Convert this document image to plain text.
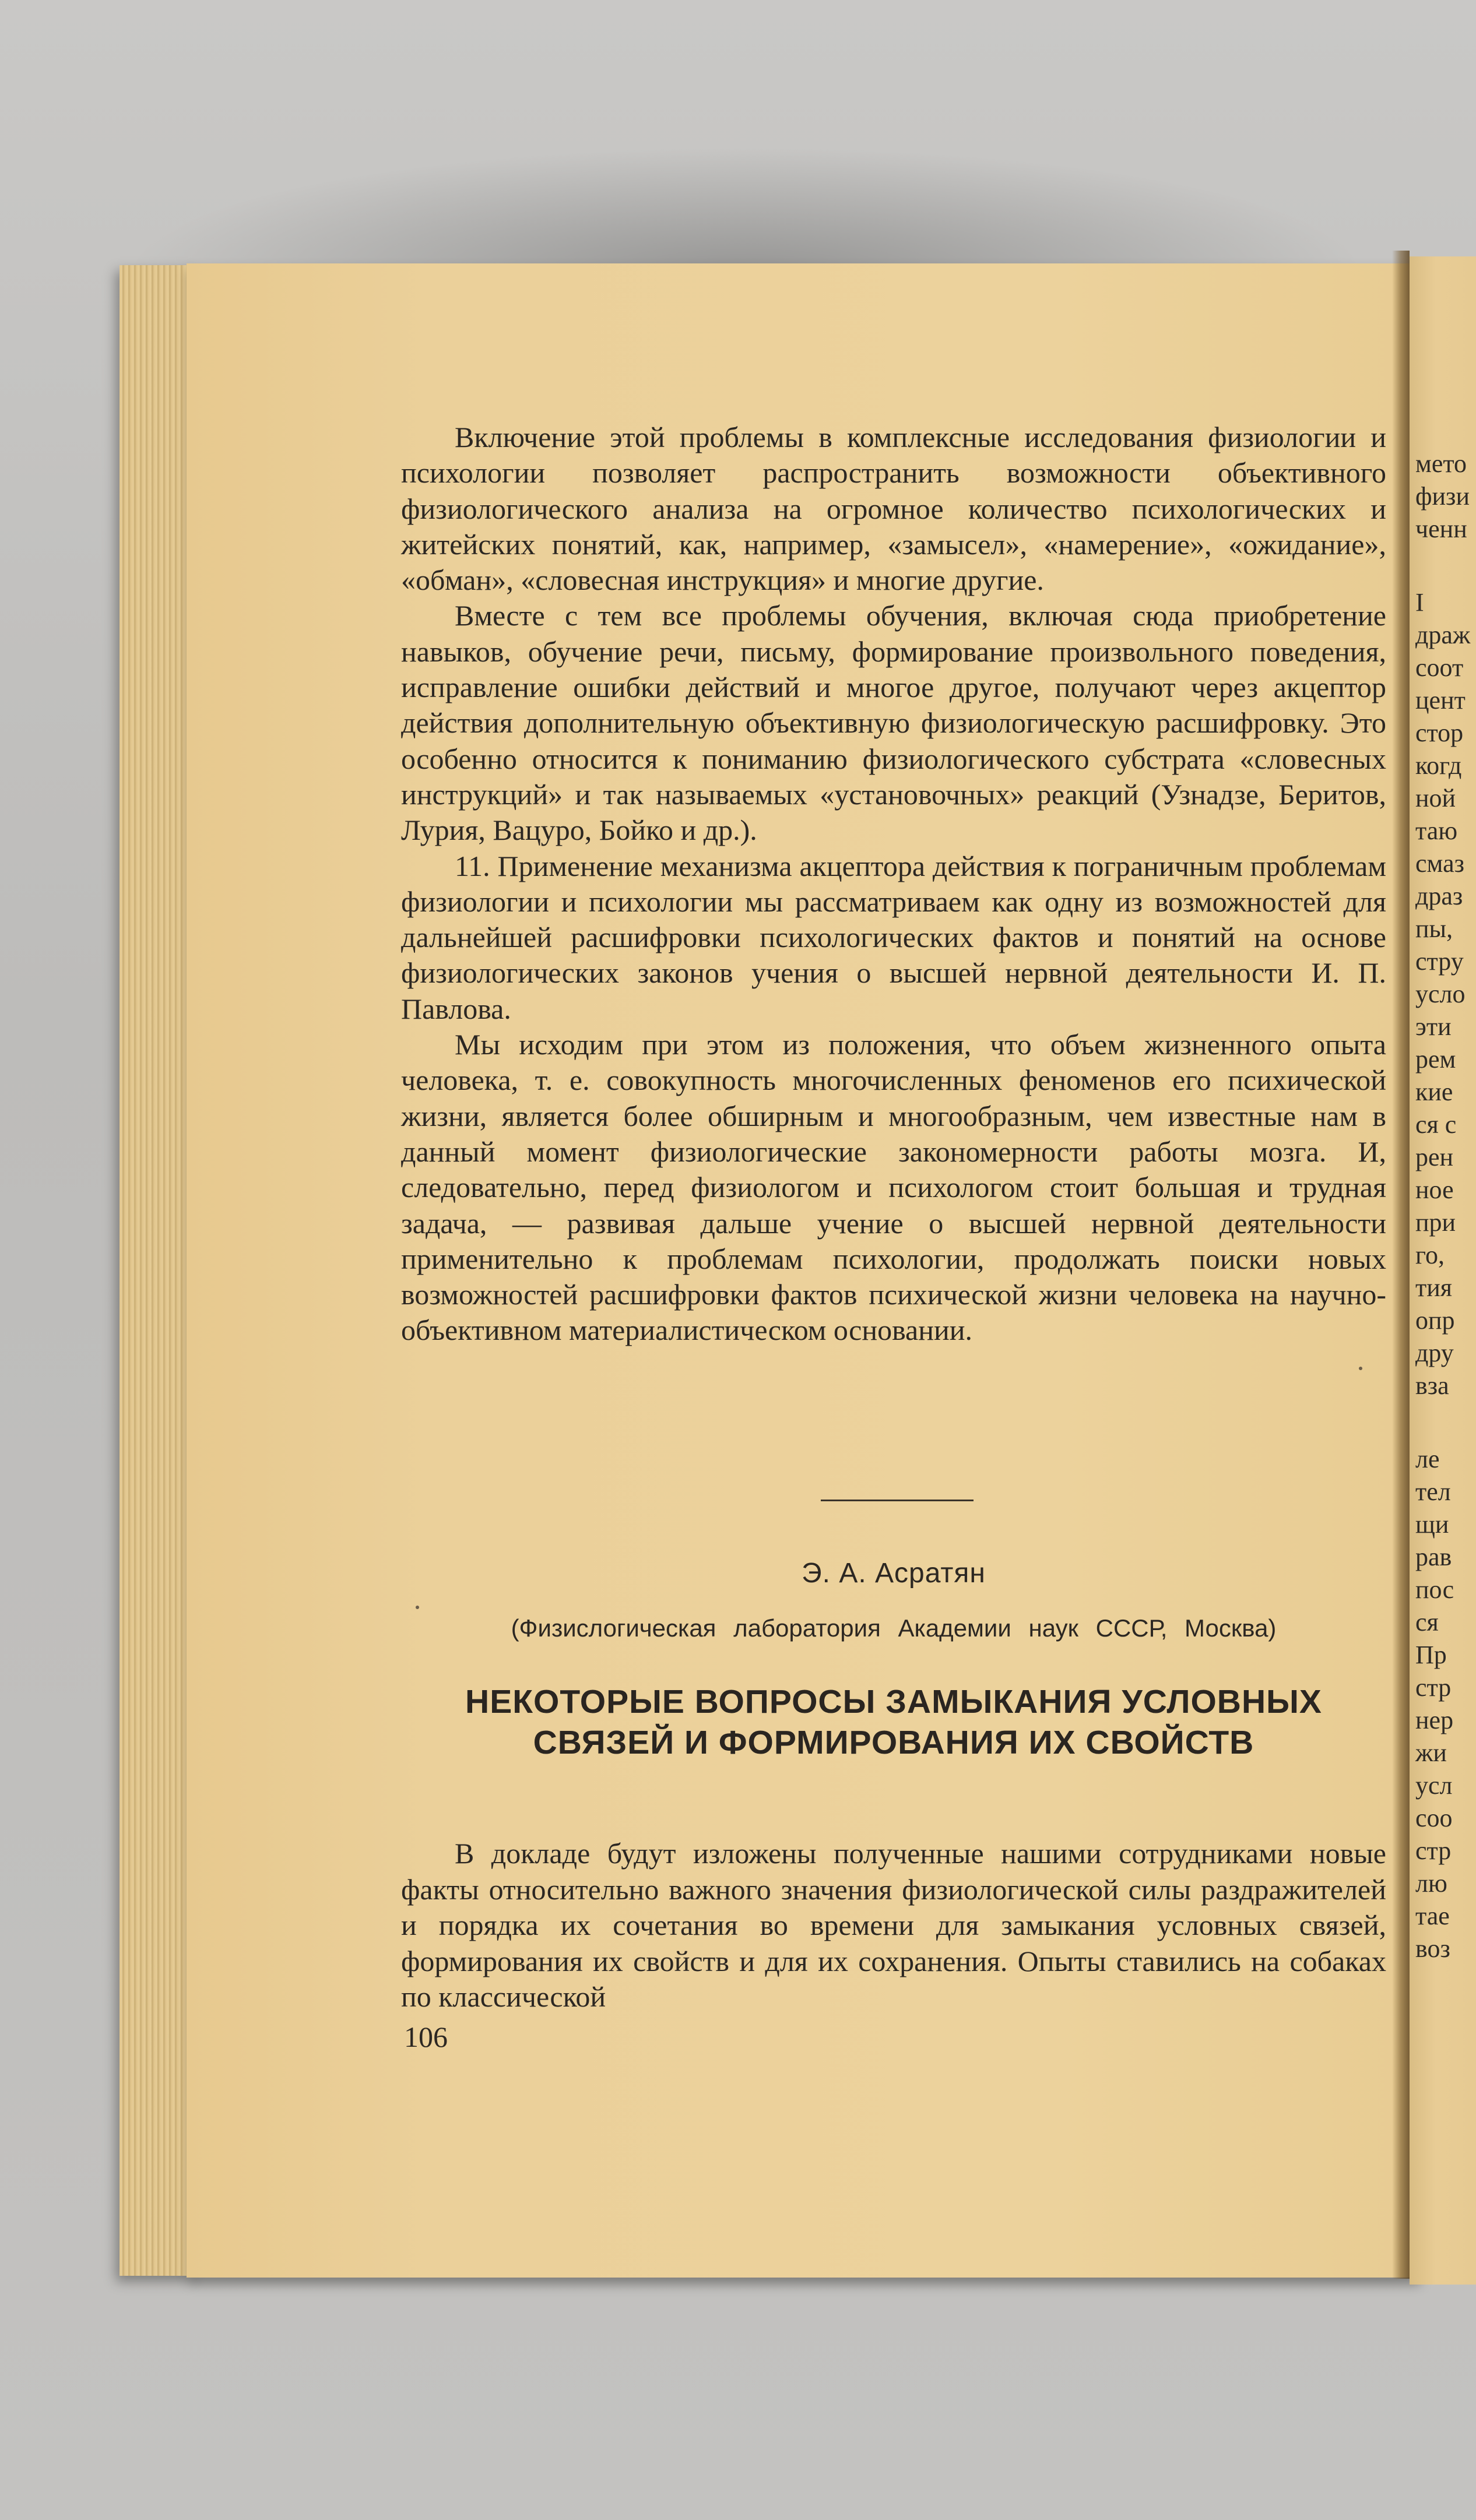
мето
физи
ченн
I
драж
соот
цент
стор
когд
ной
таю
смаз
драз
пы,
стру
усло
эти
рем
кие
ся с
рен
ное
при
го,
тия
опр
дру
вза
ле
тел
щи
рав
пос
ся
Пр
стр
нер
жи
усл
соо
стр
лю
тае
воз

Включение этой проблемы в комплексные исследования физиологии и психологии позволяет распространить возможности объективного физиологического анализа на огромное количество психологических и житейских понятий, как, например, «замысел», «намерение», «ожидание», «обман», «словесная инструкция» и многие другие.

Вместе с тем все проблемы обучения, включая сюда приобретение навыков, обучение речи, письму, формирование произвольного поведения, исправление ошибки действий и многое другое, получают через акцептор действия дополнительную объективную физиологическую расшифровку. Это особенно относится к пониманию физиологического субстрата «словесных инструкций» и так называемых «установочных» реакций (Узнадзе, Беритов, Лурия, Вацуро, Бойко и др.).

11. Применение механизма акцептора действия к пограничным проблемам физиологии и психологии мы рассматриваем как одну из возможностей для дальнейшей расшифровки психологических фактов и понятий на основе физиологических законов учения о высшей нервной деятельности И. П. Павлова.

Мы исходим при этом из положения, что объем жизненного опыта человека, т. е. совокупность многочисленных феноменов его психической жизни, является более обширным и многообразным, чем известные нам в данный момент физиологические закономерности работы мозга. И, следовательно, перед физиологом и психологом стоит большая и трудная задача, — развивая дальше учение о высшей нервной деятельности применительно к проблемам психологии, продолжать поиски новых возможностей расшифровки фактов психической жизни человека на научно-объективном материалистическом основании.

Э. А. Асратян
(Физислогическая лаборатория Академии наук СССР, Москва)
НЕКОТОРЫЕ ВОПРОСЫ ЗАМЫКАНИЯ УСЛОВНЫХ
СВЯЗЕЙ И ФОРМИРОВАНИЯ ИХ СВОЙСТВ

В докладе будут изложены полученные нашими сотрудниками новые факты относительно важного значения физиологической силы раздражителей и порядка их сочетания во времени для замыкания условных связей, формирования их свойств и для их сохранения. Опыты ставились на собаках по классической

106
